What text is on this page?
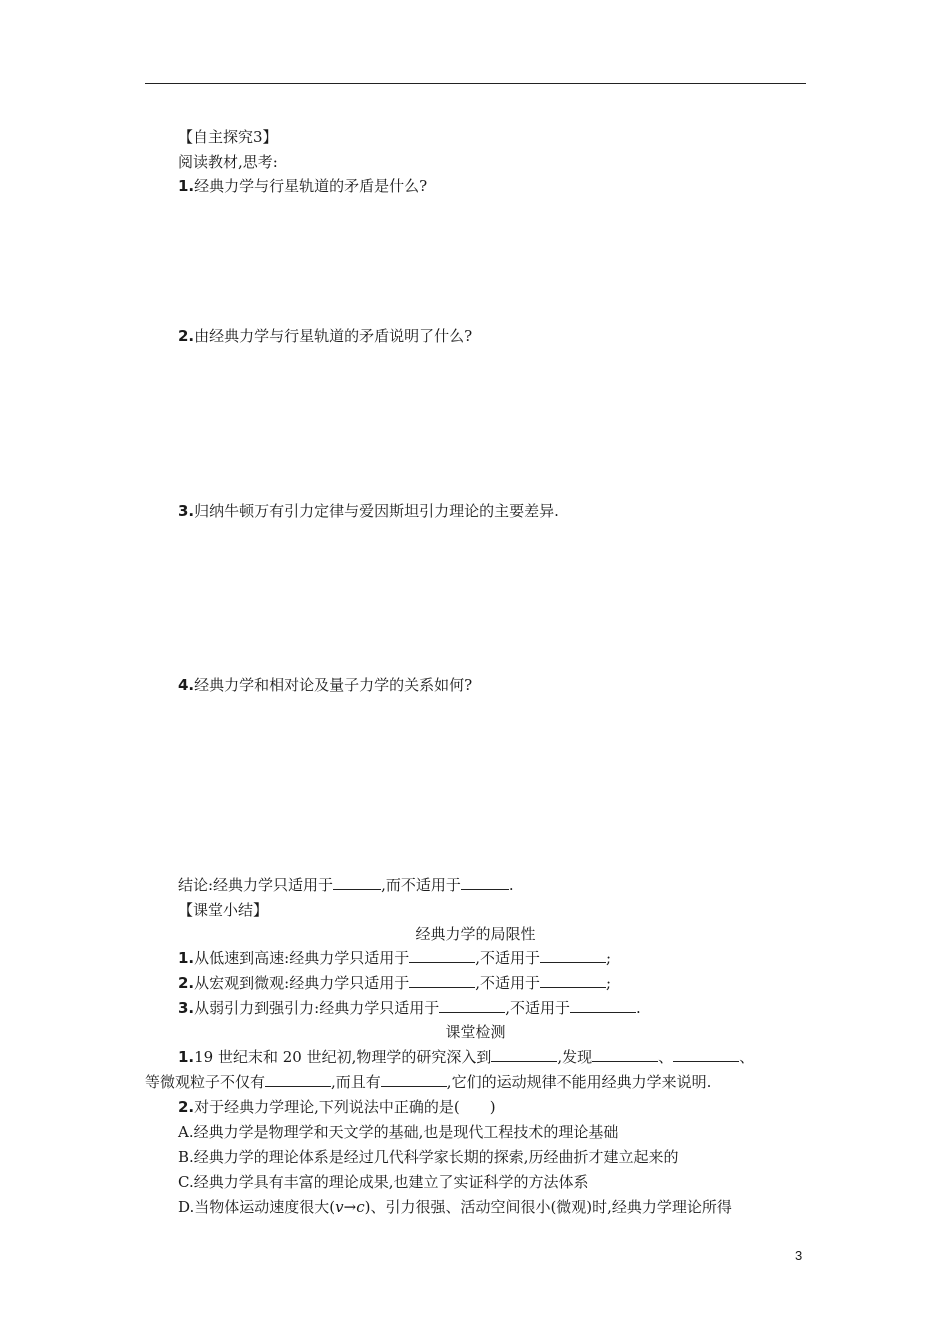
【自主探究3】
阅读教材,思考:
1.经典力学与行星轨道的矛盾是什么?
2.由经典力学与行星轨道的矛盾说明了什么?
3.归纳牛顿万有引力定律与爱因斯坦引力理论的主要差异.
4.经典力学和相对论及量子力学的关系如何?
结论:经典力学只适用于	,而不适用于	.
【课堂小结】
经典力学的局限性
1.从低速到高速:经典力学只适用于	,不适用于	;
2.从宏观到微观:经典力学只适用于	,不适用于	;
3.从弱引力到强引力:经典力学只适用于	,不适用于	.
课堂检测
1.19 世纪末和 20 世纪初,物理学的研究深入到	,发现	、	、
等微观粒子不仅有	,而且有	,它们的运动规律不能用经典力学来说明.
2.对于经典力学理论,下列说法中正确的是(　　)
A.经典力学是物理学和天文学的基础,也是现代工程技术的理论基础
B.经典力学的理论体系是经过几代科学家长期的探索,历经曲折才建立起来的
C.经典力学具有丰富的理论成果,也建立了实证科学的方法体系
D.当物体运动速度很大(v→c)、引力很强、活动空间很小(微观)时,经典力学理论所得
3
